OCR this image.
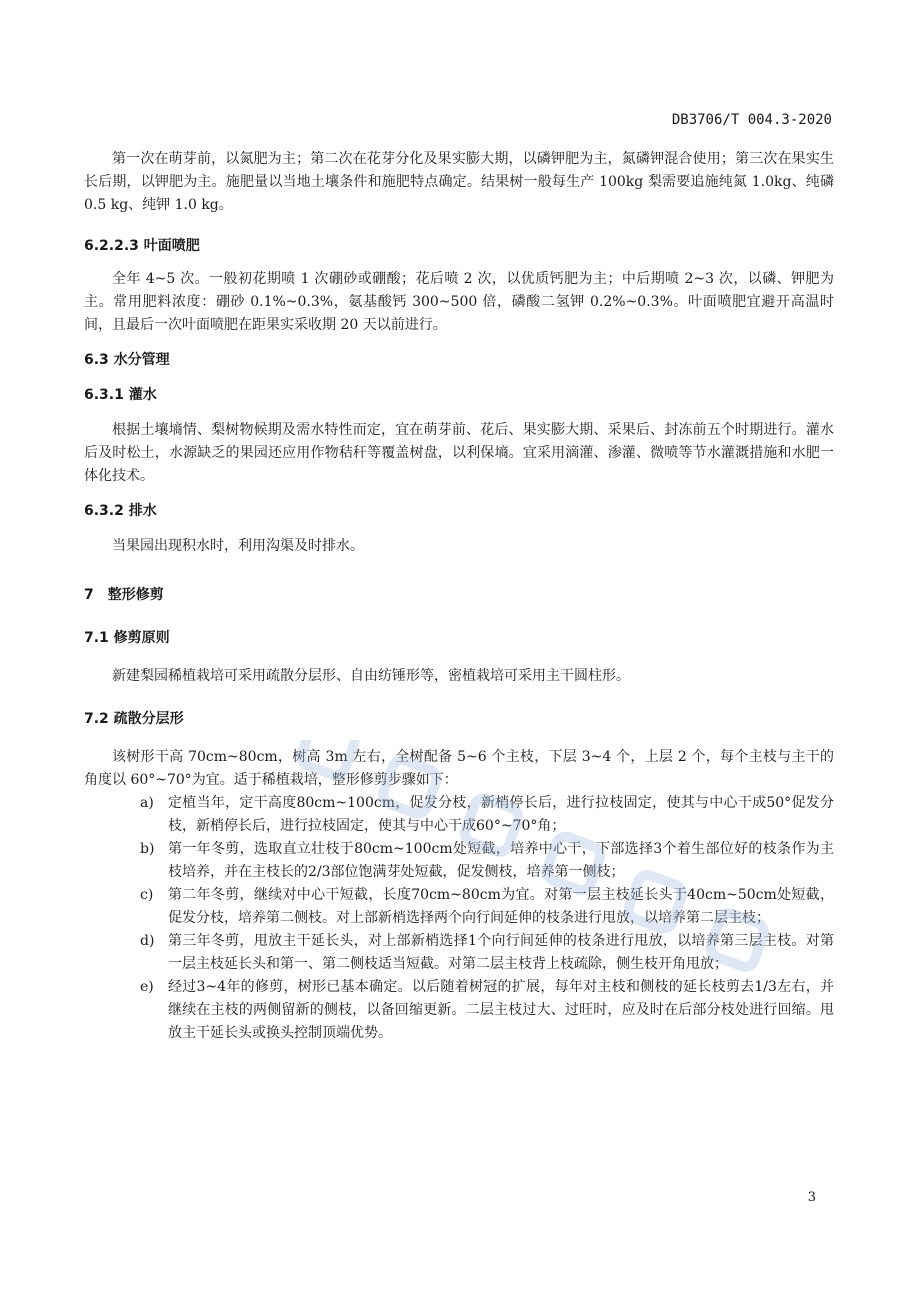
DB3706/T 004.3-2020

第一次在萌芽前，以氮肥为主；第二次在花芽分化及果实膨大期，以磷钾肥为主，氮磷钾混合使用；第三次在果实生长后期，以钾肥为主。施肥量以当地土壤条件和施肥特点确定。结果树一般每生产 100kg 梨需要追施纯氮 1.0kg、纯磷 0.5 kg、纯钾 1.0 kg。

6.2.2.3 叶面喷肥

全年 4~5 次。一般初花期喷 1 次硼砂或硼酸；花后喷 2 次，以优质钙肥为主；中后期喷 2~3 次，以磷、钾肥为主。常用肥料浓度：硼砂 0.1%~0.3%，氨基酸钙 300~500 倍，磷酸二氢钾 0.2%~0.3%。叶面喷肥宜避开高温时间，且最后一次叶面喷肥在距果实采收期 20 天以前进行。

6.3 水分管理
6.3.1 灌水

根据土壤墒情、梨树物候期及需水特性而定，宜在萌芽前、花后、果实膨大期、采果后、封冻前五个时期进行。灌水后及时松土，水源缺乏的果园还应用作物秸秆等覆盖树盘，以利保墒。宜采用滴灌、渗灌、微喷等节水灌溉措施和水肥一体化技术。

6.3.2 排水

当果园出现积水时，利用沟渠及时排水。

7　整形修剪
7.1 修剪原则

新建梨园稀植栽培可采用疏散分层形、自由纺锤形等，密植栽培可采用主干圆柱形。

7.2 疏散分层形

该树形干高 70cm~80cm，树高 3m 左右，全树配备 5~6 个主枝，下层 3~4 个，上层 2 个，每个主枝与主干的角度以 60°~70°为宜。适于稀植栽培，整形修剪步骤如下：

a)	定植当年，定干高度80cm~100cm，促发分枝，新梢停长后，进行拉枝固定，使其与中心干成50°促发分枝，新梢停长后，进行拉枝固定，使其与中心干成60°~70°角；
b) 第一年冬剪，选取直立壮枝于80cm~100cm处短截，培养中心干，下部选择3个着生部位好的枝条作为主枝培养，并在主枝长的2/3部位饱满芽处短截，促发侧枝，培养第一侧枝；
c)	第二年冬剪，继续对中心干短截，长度70cm~80cm为宜。对第一层主枝延长头于40cm~50cm处短截，促发分枝，培养第二侧枝。对上部新梢选择两个向行间延伸的枝条进行甩放，以培养第二层主枝；
d) 第三年冬剪，甩放主干延长头，对上部新梢选择1个向行间延伸的枝条进行甩放，以培养第三层主枝。对第一层主枝延长头和第一、第二侧枝适当短截。对第二层主枝背上枝疏除，侧生枝开角甩放；
e)	经过3~4年的修剪，树形已基本确定。以后随着树冠的扩展，每年对主枝和侧枝的延长枝剪去1/3左右，并继续在主枝的两侧留新的侧枝，以备回缩更新。二层主枝过大、过旺时，应及时在后部分枝处进行回缩。甩放主干延长头或换头控制顶端优势。
3
